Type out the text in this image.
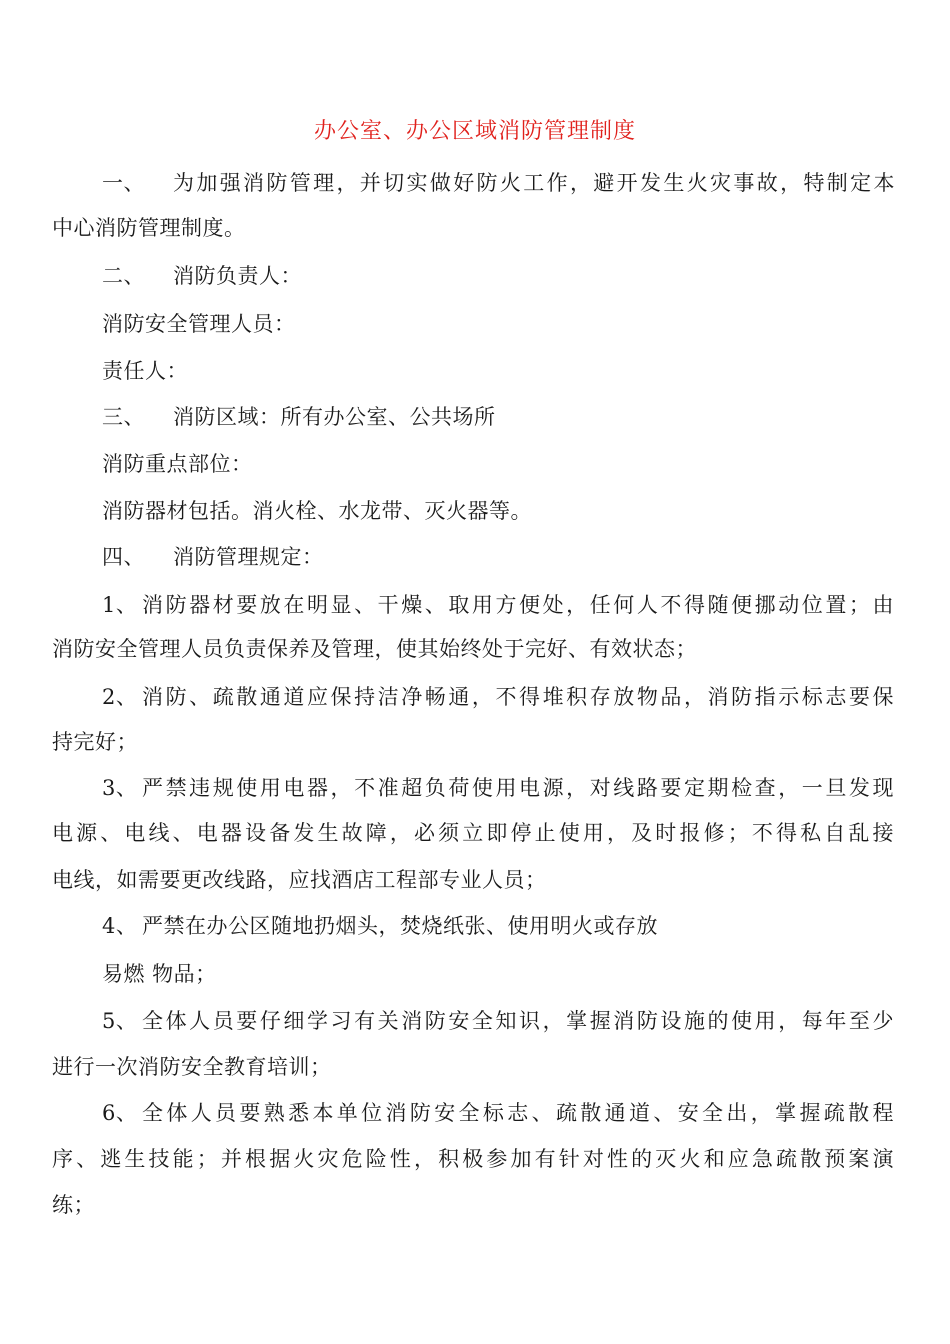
办公室、办公区域消防管理制度
一、 为加强消防管理，并切实做好防火工作，避开发生火灾事故，特制定本
中心消防管理制度。
二、 消防负责人：
消防安全管理人员：
责任人：
三、 消防区域：所有办公室、公共场所
消防重点部位：
消防器材包括。消火栓、水龙带、灭火器等。
四、 消防管理规定：
1、 消防器材要放在明显、干燥、取用方便处，任何人不得随便挪动位置；由
消防安全管理人员负责保养及管理，使其始终处于完好、有效状态；
2、 消防、疏散通道应保持洁净畅通，不得堆积存放物品，消防指示标志要保
持完好；
3、 严禁违规使用电器，不准超负荷使用电源，对线路要定期检查，一旦发现
电源、电线、电器设备发生故障，必须立即停止使用，及时报修；不得私自乱接
电线，如需要更改线路，应找酒店工程部专业人员；
4、 严禁在办公区随地扔烟头，焚烧纸张、使用明火或存放
易燃 物品；
5、 全体人员要仔细学习有关消防安全知识，掌握消防设施的使用，每年至少
进行一次消防安全教育培训；
6、 全体人员要熟悉本单位消防安全标志、疏散通道、安全出，掌握疏散程
序、逃生技能；并根据火灾危险性，积极参加有针对性的灭火和应急疏散预案演
练；
